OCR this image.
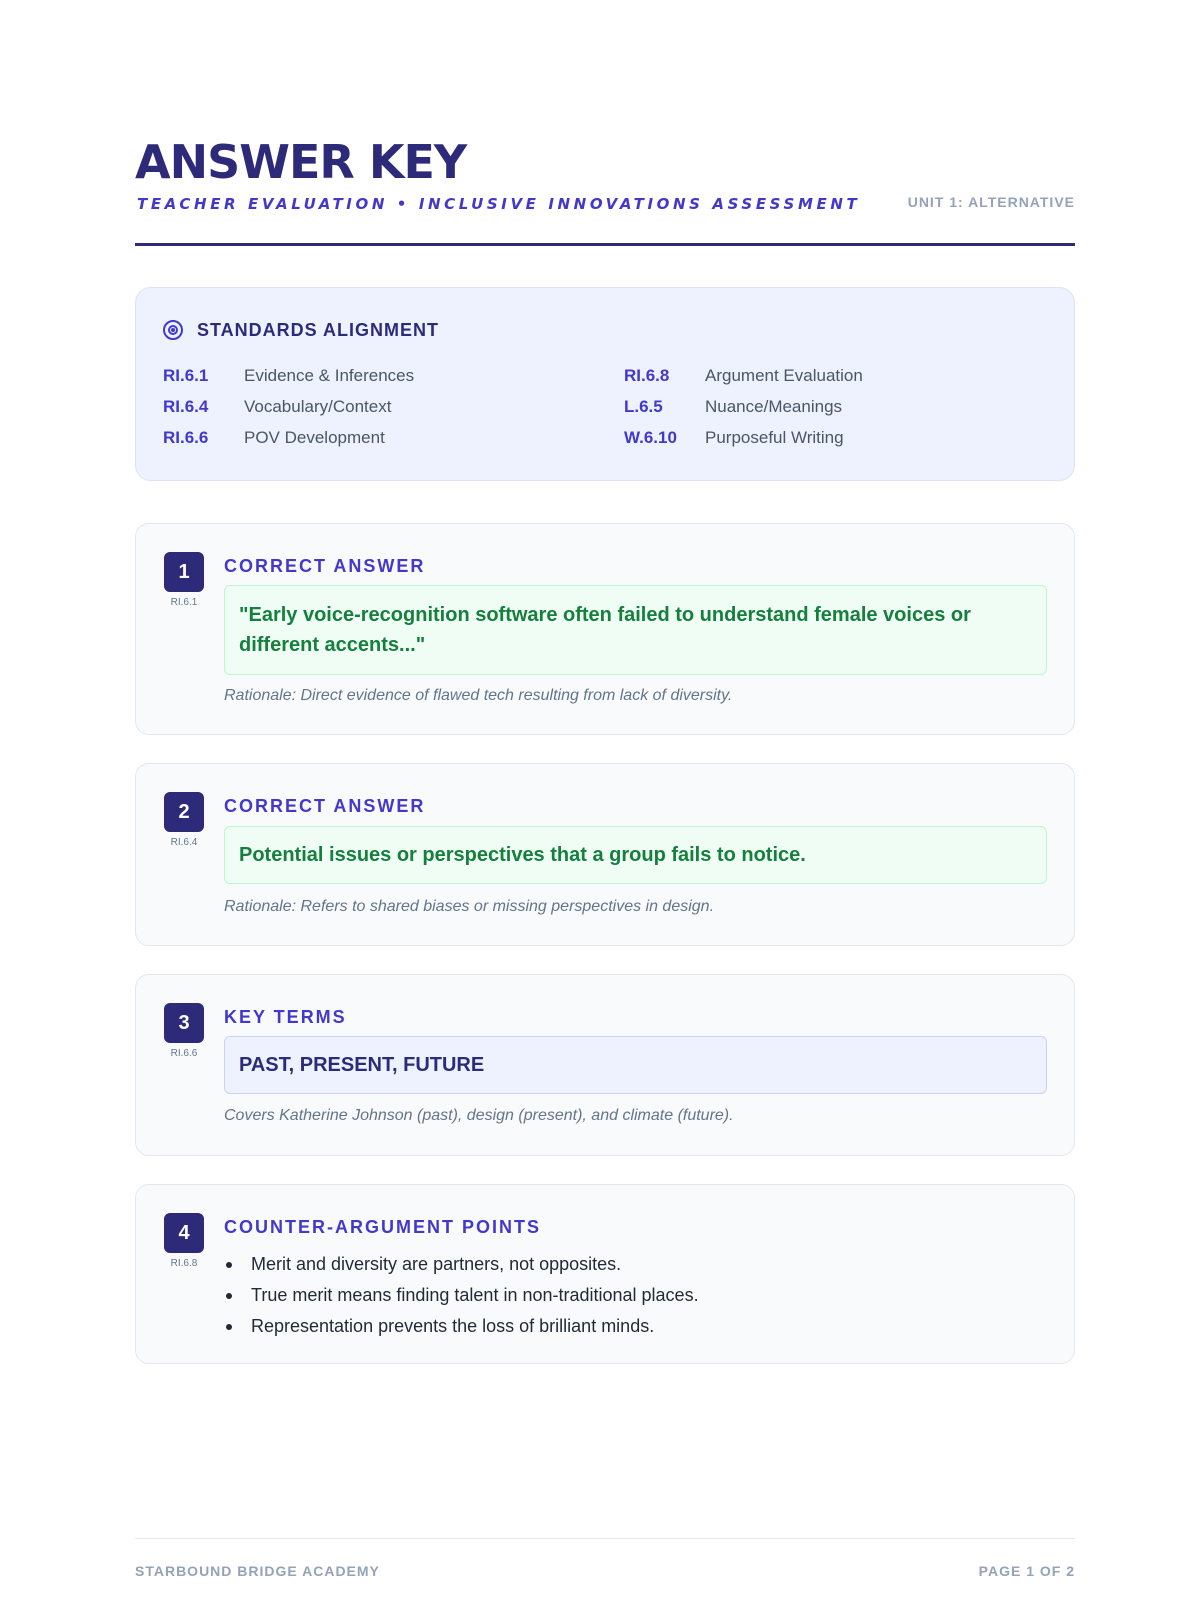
ANSWER KEY
TEACHER EVALUATION • INCLUSIVE INNOVATIONS ASSESSMENT	UNIT 1: ALTERNATIVE
STANDARDS ALIGNMENT
RI.6.1	Evidence & Inferences
RI.6.4	Vocabulary/Context
RI.6.6	POV Development
RI.6.8	Argument Evaluation
L.6.5	Nuance/Meanings
W.6.10	Purposeful Writing
1
RI.6.1
CORRECT ANSWER
"Early voice-recognition software often failed to understand female voices or different accents..."
Rationale: Direct evidence of flawed tech resulting from lack of diversity.
2
RI.6.4
CORRECT ANSWER
Potential issues or perspectives that a group fails to notice.
Rationale: Refers to shared biases or missing perspectives in design.
3
RI.6.6
KEY TERMS
PAST, PRESENT, FUTURE
Covers Katherine Johnson (past), design (present), and climate (future).
4
RI.6.8
COUNTER-ARGUMENT POINTS
Merit and diversity are partners, not opposites.
True merit means finding talent in non-traditional places.
Representation prevents the loss of brilliant minds.
STARBOUND BRIDGE ACADEMY	PAGE 1 OF 2
